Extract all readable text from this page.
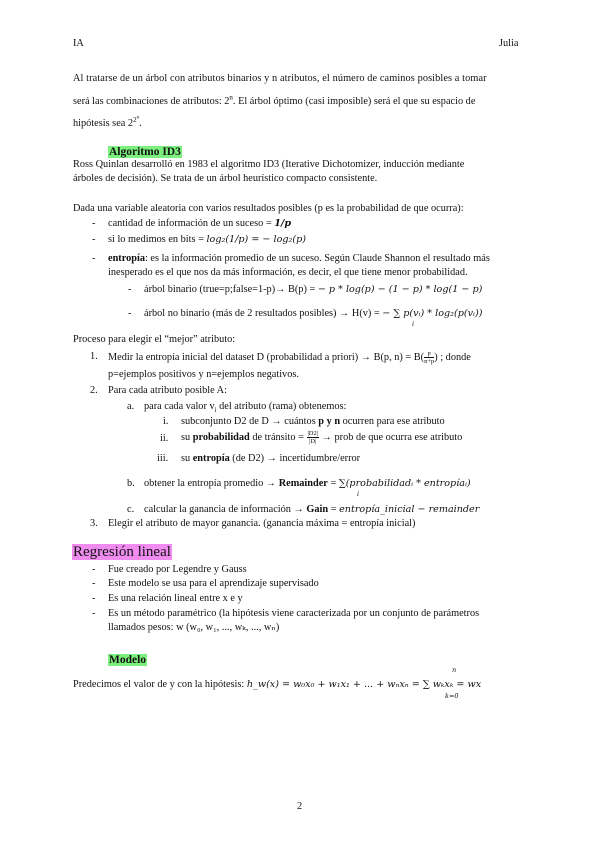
IA	Julia
Al tratarse de un árbol con atributos binarios y n atributos, el número de caminos posibles a tomar
será las combinaciones de atributos: 2$^n$. El árbol óptimo (casi imposible) será el que su espacio de
hipótesis sea $2^{2^n}$.
Algoritmo ID3
Ross Quinlan desarrolló en 1983 el algoritmo ID3 (Iterative Dichotomizer, inducción mediante
árboles de decisión). Se trata de un árbol heurístico compacto consistente.
Dada una variable aleatoria con varios resultados posibles (p es la probabilidad de que ocurra):
- cantidad de información de un suceso = 1/p
- si lo medimos en bits = log₂(1/p) = − log₂(p)
- entropía: es la información promedio de un suceso. Según Claude Shannon el resultado más
inesperado es el que nos da más información, es decir, el que tiene menor probabilidad.
- árbol binario (true=p;false=1-p)→ B(p) = − p * log(p) − (1 − p) * log(1 − p)
- árbol no binario (más de 2 resultados posibles) → H(v) = − ∑ p(vᵢ) * log₂(p(vᵢ))
i
Proceso para elegir el “mejor” atributo:
1. Medir la entropía inicial del dataset D (probabilidad a priori) → B(p, $n) = B( \frac{p}{n+p}$ ) ; donde
p=ejemplos positivos y n=ejemplos negativos.
2. Para cada atributo posible A:
a. para cada valor $v_i$ del atributo (rama) obtenemos:
i. subconjunto D2 de D → cuántos p y n ocurren para ese atributo
ii. su probabilidad de tránsito = $\frac{|D2|}{|D|}$ → prob de que ocurra ese atributo
iii. su entropía (de D2) → incertidumbre/error
b. obtener la entropía promedio → Remainder = ∑(probabilidadᵢ * entropíaᵢ)
i
c. calcular la ganancia de información → Gain = entropía_inicial − remainder
3. Elegir el atributo de mayor ganancia. (ganancia máxima = entropía inicial)
Regresión lineal
- Fue creado por Legendre y Gauss
- Este modelo se usa para el aprendizaje supervisado
- Es una relación lineal entre x e y
- Es un método paramétrico (la hipótesis viene caracterizada por un conjunto de parámetros
llamados pesos: w (w₀, w₁, ..., wₖ, ..., wₙ)
Modelo
n
Predecimos el valor de y con la hipótesis: h_w(x) = w₀x₀ + w₁x₁ + ... + wₙxₙ = ∑ wₖxₖ = wx
k=0
2
